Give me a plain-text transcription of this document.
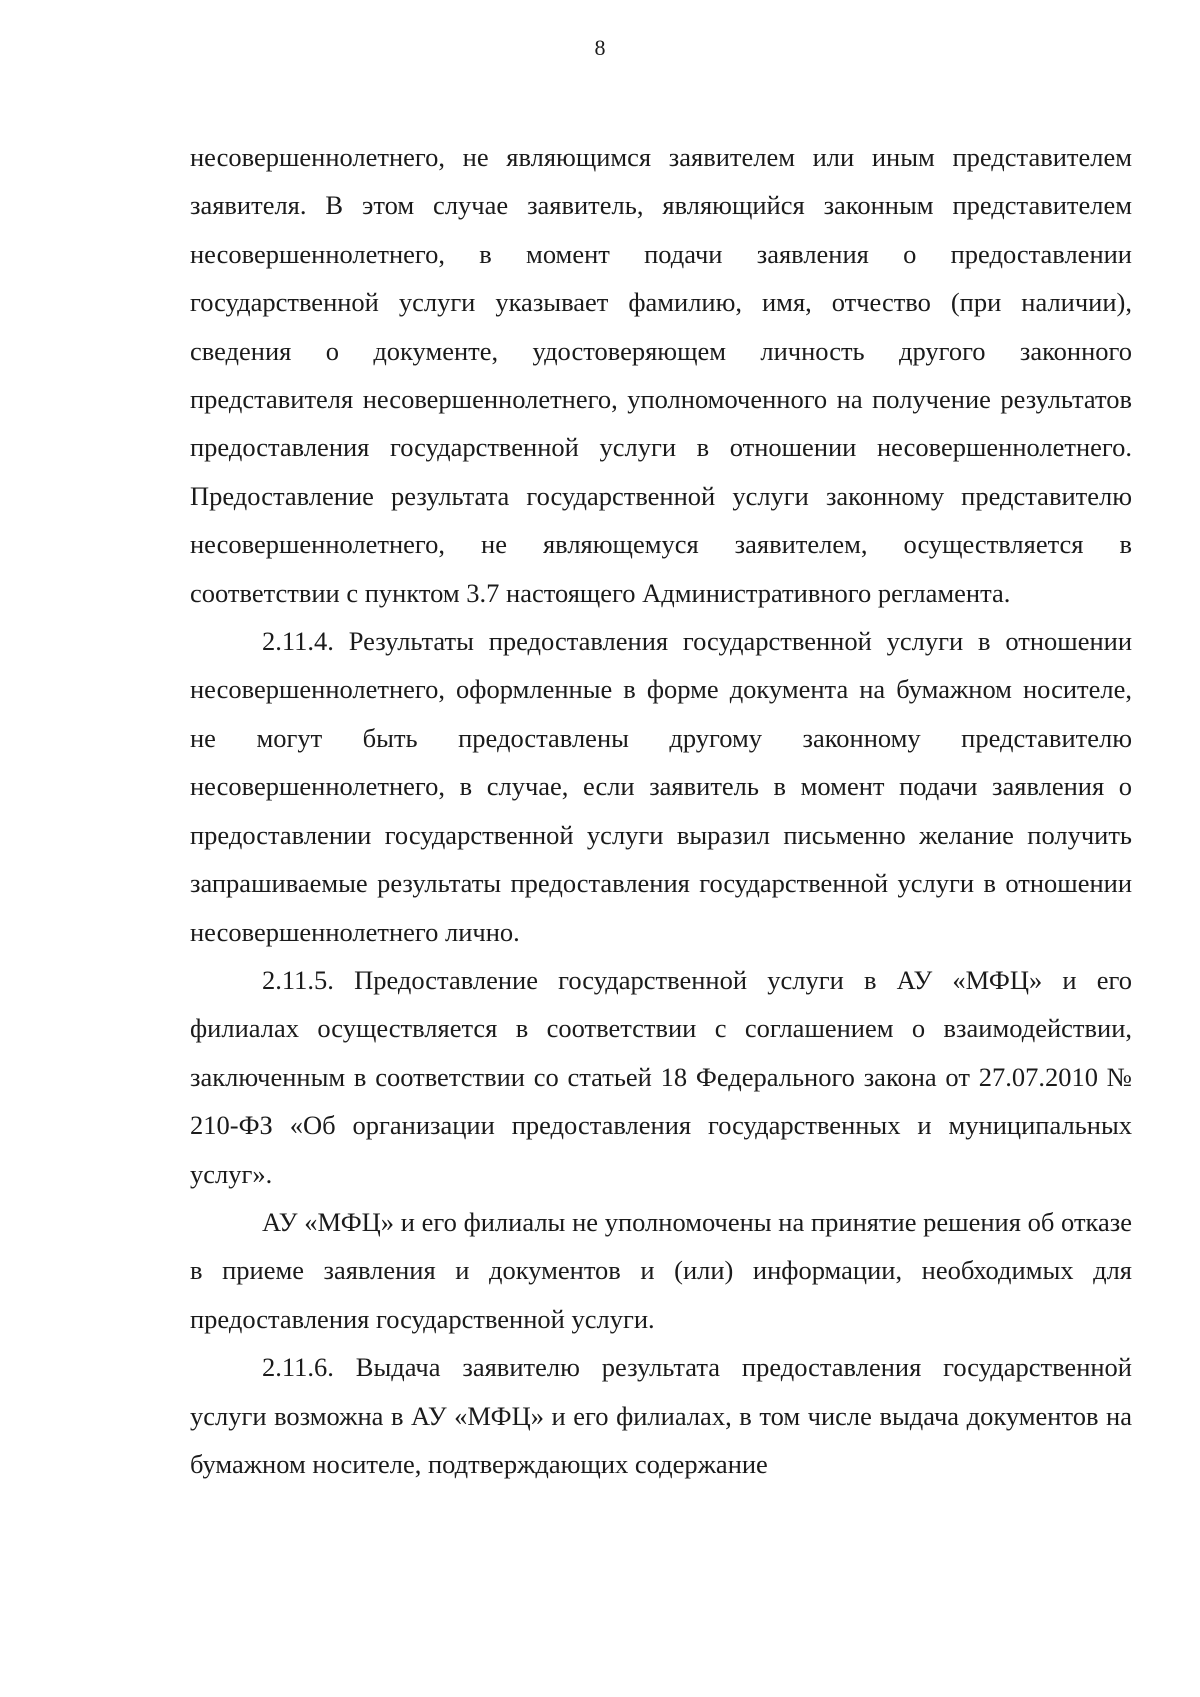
8

несовершеннолетнего, не являющимся заявителем или иным представителем заявителя. В этом случае заявитель, являющийся законным представителем несовершеннолетнего, в момент подачи заявления о предоставлении государственной услуги указывает фамилию, имя, отчество (при наличии), сведения о документе, удостоверяющем личность другого законного представителя несовершеннолетнего, уполномоченного на получение результатов предоставления государственной услуги в отношении несовершеннолетнего. Предоставление результата государственной услуги законному представителю несовершеннолетнего, не являющемуся заявителем, осуществляется в соответствии с пунктом 3.7 настоящего Административного регламента.

2.11.4. Результаты предоставления государственной услуги в отношении несовершеннолетнего, оформленные в форме документа на бумажном носителе, не могут быть предоставлены другому законному представителю несовершеннолетнего, в случае, если заявитель в момент подачи заявления о предоставлении государственной услуги выразил письменно желание получить запрашиваемые результаты предоставления государственной услуги в отношении несовершеннолетнего лично.

2.11.5. Предоставление государственной услуги в АУ «МФЦ» и его филиалах осуществляется в соответствии с соглашением о взаимодействии, заключенным в соответствии со статьей 18 Федерального закона от 27.07.2010 № 210-ФЗ «Об организации предоставления государственных и муниципальных услуг».

АУ «МФЦ» и его филиалы не уполномочены на принятие решения об отказе в приеме заявления и документов и (или) информации, необходимых для предоставления государственной услуги.

2.11.6. Выдача заявителю результата предоставления государственной услуги возможна в АУ «МФЦ» и его филиалах, в том числе выдача документов на бумажном носителе, подтверждающих содержание
